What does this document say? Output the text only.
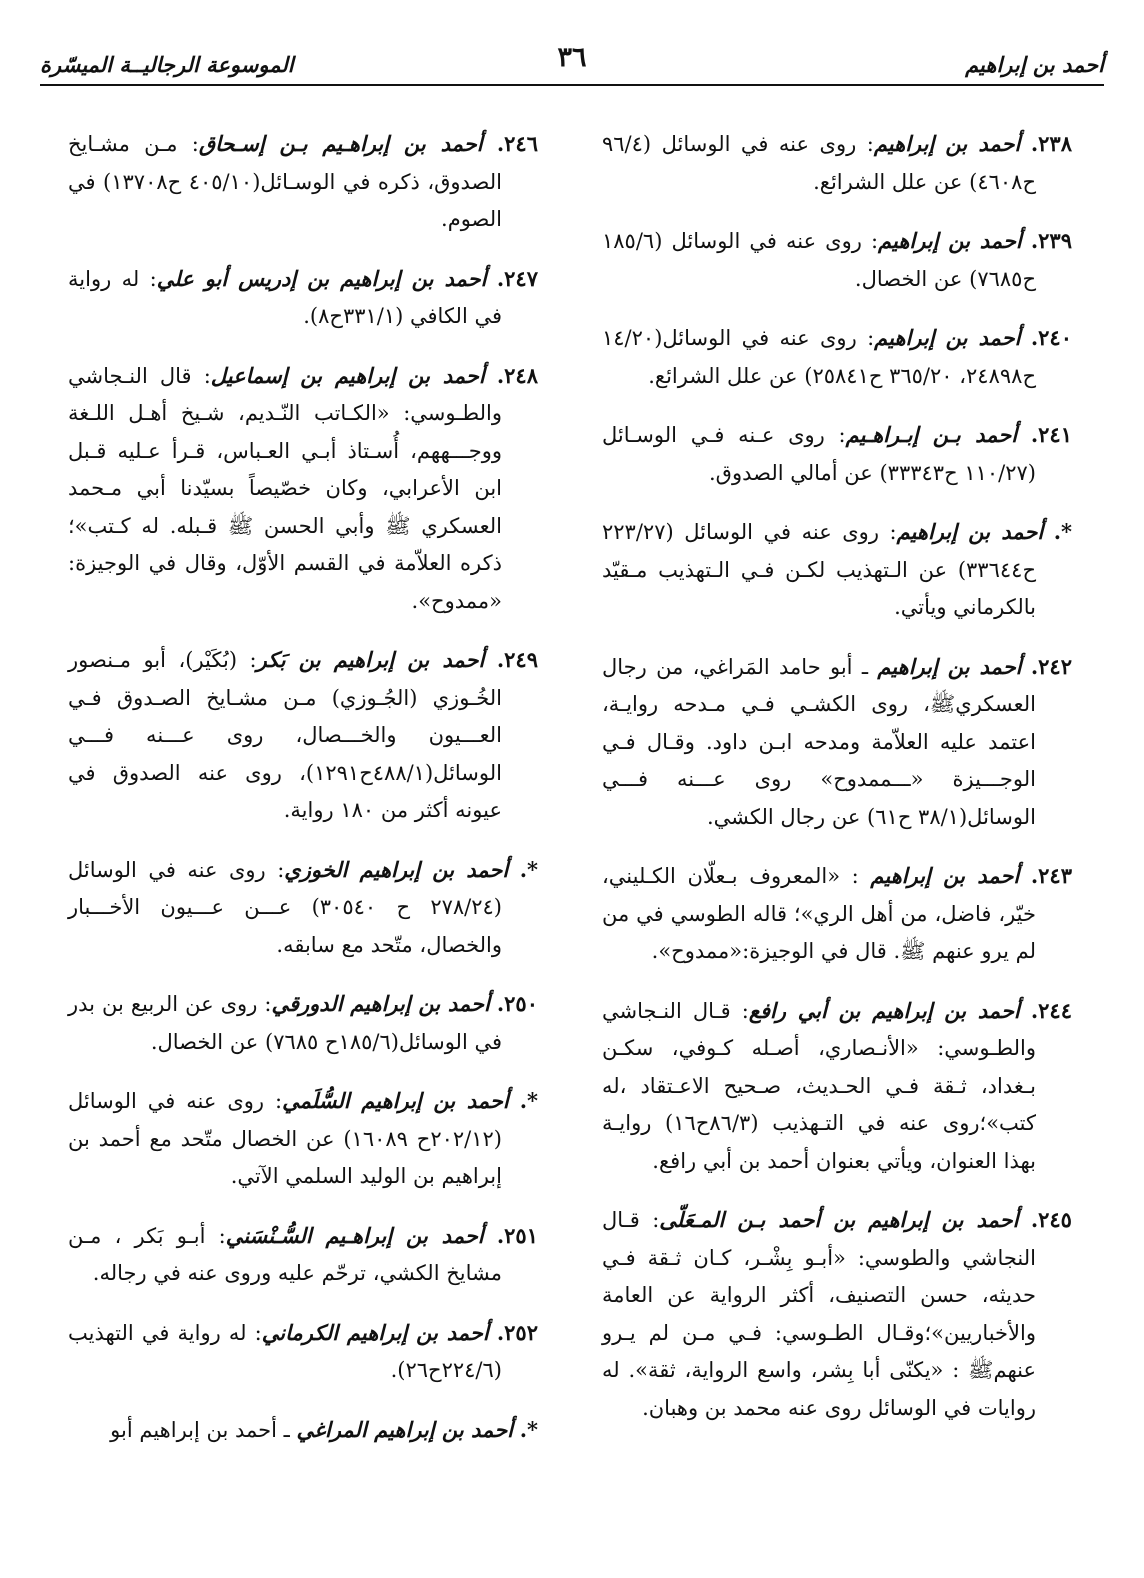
أحمد بن إبراهيم
٣٦
الموسوعة الرجاليــة الميسّرة

٢٣٨. أحمد بن إبراهيم: روى عنه في الوسائل (٩٦/٤ ح٤٦٠٨) عن علل الشرائع.

٢٣٩. أحمد بن إبراهيم: روى عنه في الوسائل (١٨٥/٦ ح٧٦٨٥) عن الخصال.

٢٤٠. أحمد بن إبراهيم: روى عنه في الوسائل(١٤/٢٠ ح٢٤٨٩٨، ٣٦٥/٢٠ ح٢٥٨٤١) عن علل الشرائع.

٢٤١. أحمد بـن إبـراهـيم: روى عـنه فـي الوسـائل (١١٠/٢٧ ح٣٣٣٤٣) عن أمالي الصدوق.

*. أحمد بن إبراهيم: روى عنه في الوسائل (٢٢٣/٢٧ ح٣٣٦٤٤) عن الـتهذيب لكـن فـي الـتهذيب مـقيّد بالكرماني ويأتي.

٢٤٢. أحمد بن إبراهيم ـ أبو حامد المَراغي، من رجال العسكري‏ﷺ، روى الكشـي فـي مـدحه روايـة، اعتمد عليه العلاّمة ومدحه ابـن داود. وقـال فـي الوجـــيزة «ـــممدوح» روى عـــنه فـــي الوسائل(٣٨/١ ح٦١) عن رجال الكشي.

٢٤٣. أحمد بن إبراهيم : «المعروف بـعلّان الكـليني، خيّر، فاضل، من أهل الري»؛ قاله الطوسي في من لم يرو عنهم ﷺ. قال في الوجيزة:«ممدوح».

٢٤٤. أحمد بن إبراهيم بن أبي رافع: قـال النـجاشي والطـوسي: «الأنـصاري، أصـله كـوفي، سكـن بـغداد، ثـقة فـي الحـديث، صـحيح الاعـتقاد ،له كتب»؛روى عنه في التـهذيب (٨٦/٣ح١٦) روايـة بهذا العنوان، ويأتي بعنوان أحمد بن أبي رافع.

٢٤٥. أحمد بن إبراهيم بن أحمد بـن المـعَلّى: قـال النجاشي والطوسي: «أبـو بِشْـر، كـان ثـقة فـي حديثه، حسن التصنيف، أكثر الرواية عن العامة والأخباريين»؛وقـال الطـوسي: فـي مـن لم يـرو عنهم‏ﷺ : «يكنّى أبا بِشر، واسع الرواية، ثقة». له روايات في الوسائل روى عنه محمد بن وهبان.

٢٤٦. أحمد بن إبراهـيم بـن إسـحاق: مـن مشـايخ الصدوق، ذكره في الوسـائل(٤٠٥/١٠ ح١٣٧٠٨) في الصوم.

٢٤٧. أحمد بن إبراهيم بن إدريس أبو علي: له رواية في الكافي (٣٣١/١ح٨).

٢٤٨. أحمد بن إبراهيم بن إسماعيل: قال النـجاشي والطـوسي: «الكـاتب النّـديم، شـيخ أهـل اللـغة ووجـــههم، أُسـتاذ أبـي العـباس، قـرأ عـليه قـبل ابن الأعرابي، وكان خصّيصاً بسيّدنا أبي مـحمد العسكري ﷺ وأبي الحسن ﷺ قـبله. له كـتب»؛ ذكره العلاّمة في القسم الأوّل، وقال في الوجيزة: «ممدوح».

٢٤٩. أحمد بن إبراهيم بن بَكر: (بُكَيْر)، أبو مـنصور الخُـوزي (الجُـوزي) مـن مشـايخ الصـدوق فـي العـــيون والخـــصال، روى عـــنه فـــي الوسائل(٤٨٨/١ح١٢٩١)، روى عنه الصدوق في عيونه أكثر من ١٨٠ رواية.

*. أحمد بن إبراهيم الخوزي: روى عنه في الوسائل (٢٧٨/٢٤ ح ٣٠٥٤٠) عـــن عـــيون الأخـــبار والخصال، متّحد مع سابقه.

٢٥٠. أحمد بن إبراهيم الدورقي: روى عن الربيع بن بدر في الوسائل(١٨٥/٦ح ٧٦٨٥) عن الخصال.

*. أحمد بن إبراهيم السُّلَمي: روى عنه في الوسائل (٢٠٢/١٢ح ١٦٠٨٩) عن الخصال متّحد مع أحمد بن إبراهيم بن الوليد السلمي الآتي.

٢٥١. أحمد بن إبراهـيم السُّـنْسَني: أبـو بَكر ، مـن مشايخ الكشي، ترحّم عليه وروى عنه في رجاله.

٢٥٢. أحمد بن إبراهيم الكرماني: له رواية في التهذيب (٢٢٤/٦ح٢٦).

*. أحمد بن إبراهيم المراغي ـ أحمد بن إبراهيم أبو
